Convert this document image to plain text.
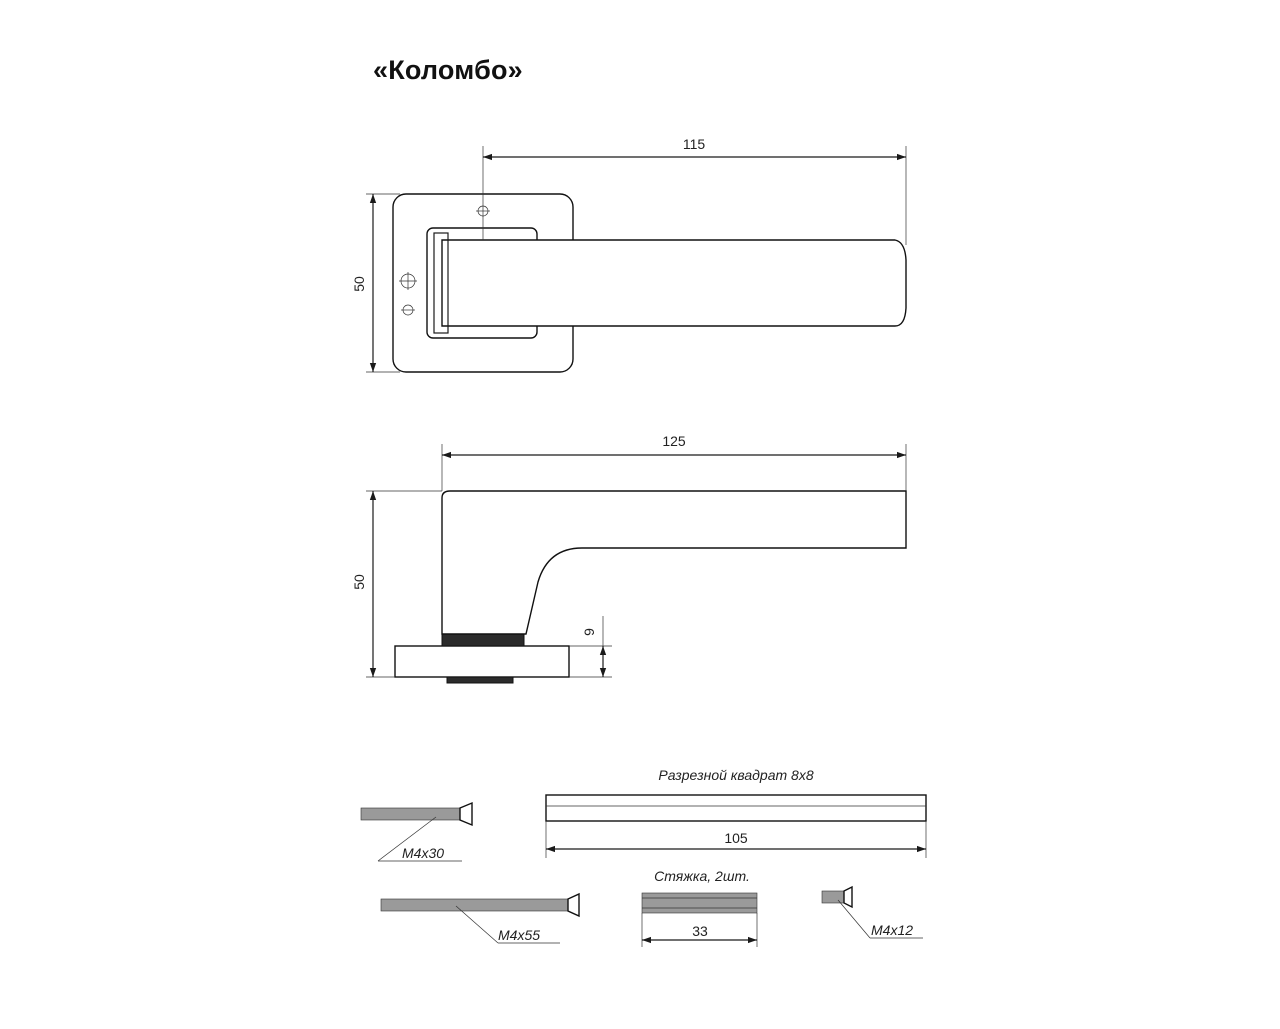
«Коломбо»
115
50
125
50
9
M4x30
Разрезной квадрат 8x8
105
M4x55
Стяжка, 2шт.
33	M4x12
